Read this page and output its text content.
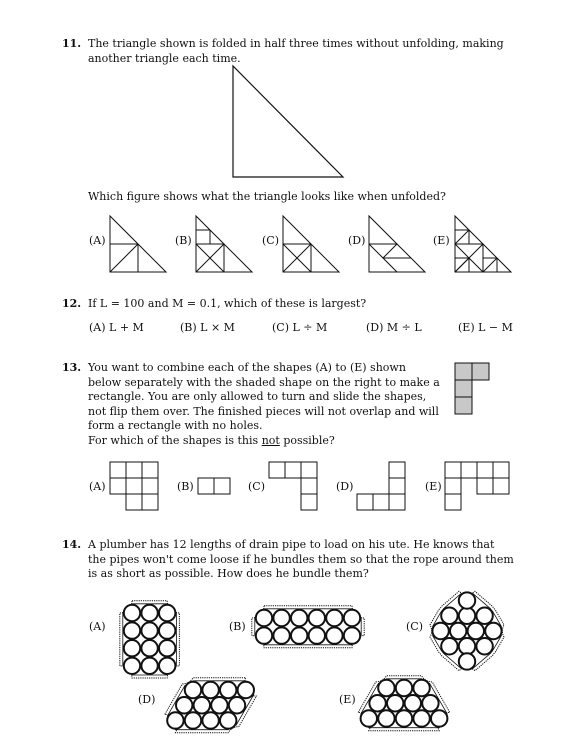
11. The triangle shown is folded in half three times without unfolding, making another triangle each time.
Which figure shows what the triangle looks like when unfolded?
(A)	(B)	(C)	(D)	(E)
12. If L = 100 and M = 0.1, which of these is largest?
(A) L + M	(B) L × M	(C) L ÷ M	(D) M ÷ L	(E) L − M
13. You want to combine each of the shapes (A) to (E) shown below separately with the shaded shape on the right to make a rectangle. You are only allowed to turn and slide the shapes, not flip them over. The finished pieces will not overlap and will form a rectangle with no holes.
For which of the shapes is this not possible?
(A)	(B)	(C)	(D)	(E)
14. A plumber has 12 lengths of drain pipe to load on his ute. He knows that the pipes won't come loose if he bundles them so that the rope around them is as short as possible. How does he bundle them?
(A)	(B)	(C)
(D)	(E)
